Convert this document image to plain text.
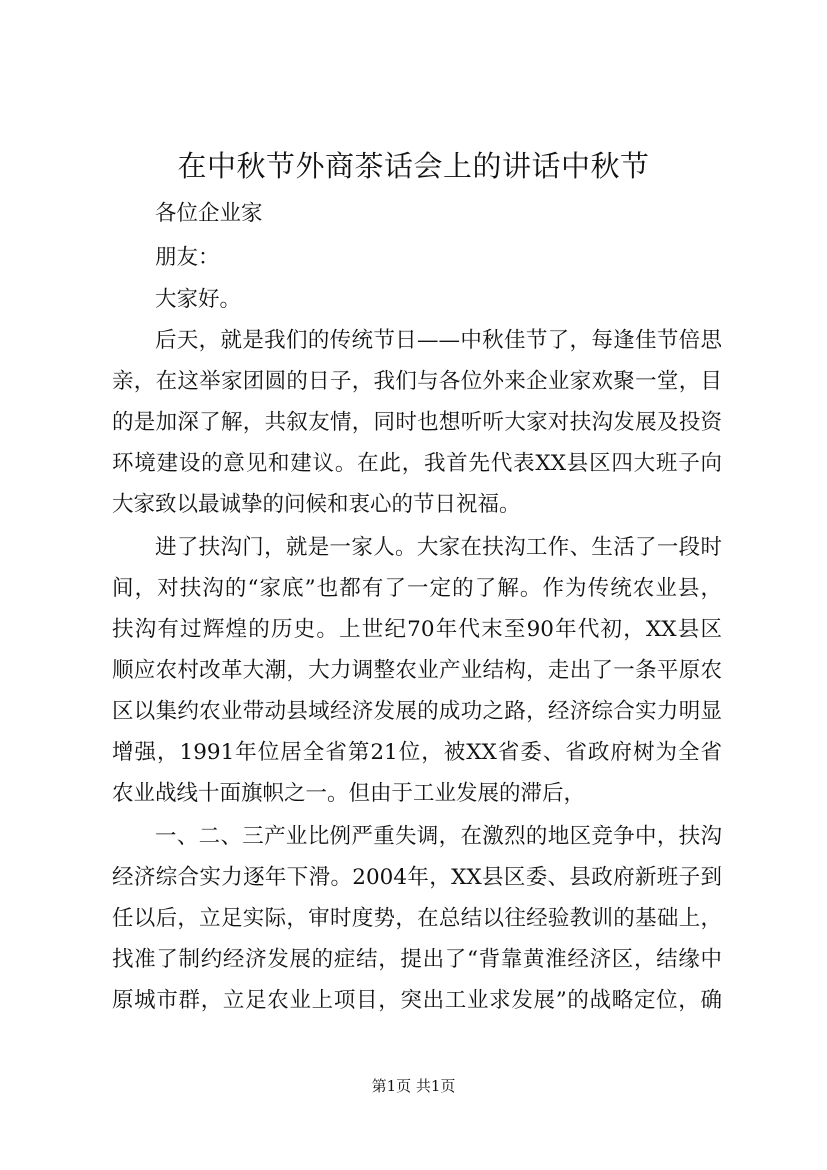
在中秋节外商茶话会上的讲话中秋节

各位企业家

朋友：

大家好。

后天，就是我们的传统节日——中秋佳节了，每逢佳节倍思

亲，在这举家团圆的日子，我们与各位外来企业家欢聚一堂，目

的是加深了解，共叙友情，同时也想听听大家对扶沟发展及投资

环境建设的意见和建议。在此，我首先代表XX县区四大班子向

大家致以最诚挚的问候和衷心的节日祝福。

进了扶沟门，就是一家人。大家在扶沟工作、生活了一段时

间，对扶沟的“家底”也都有了一定的了解。作为传统农业县，

扶沟有过辉煌的历史。上世纪70年代末至90年代初，XX县区

顺应农村改革大潮，大力调整农业产业结构，走出了一条平原农

区以集约农业带动县域经济发展的成功之路，经济综合实力明显

增强，1991年位居全省第21位，被XX省委、省政府树为全省

农业战线十面旗帜之一。但由于工业发展的滞后，

一、二、三产业比例严重失调，在激烈的地区竞争中，扶沟

经济综合实力逐年下滑。2004年，XX县区委、县政府新班子到

任以后，立足实际，审时度势，在总结以往经验教训的基础上，

找准了制约经济发展的症结，提出了“背靠黄淮经济区，结缘中

原城市群，立足农业上项目，突出工业求发展”的战略定位，确

第1页 共1页
